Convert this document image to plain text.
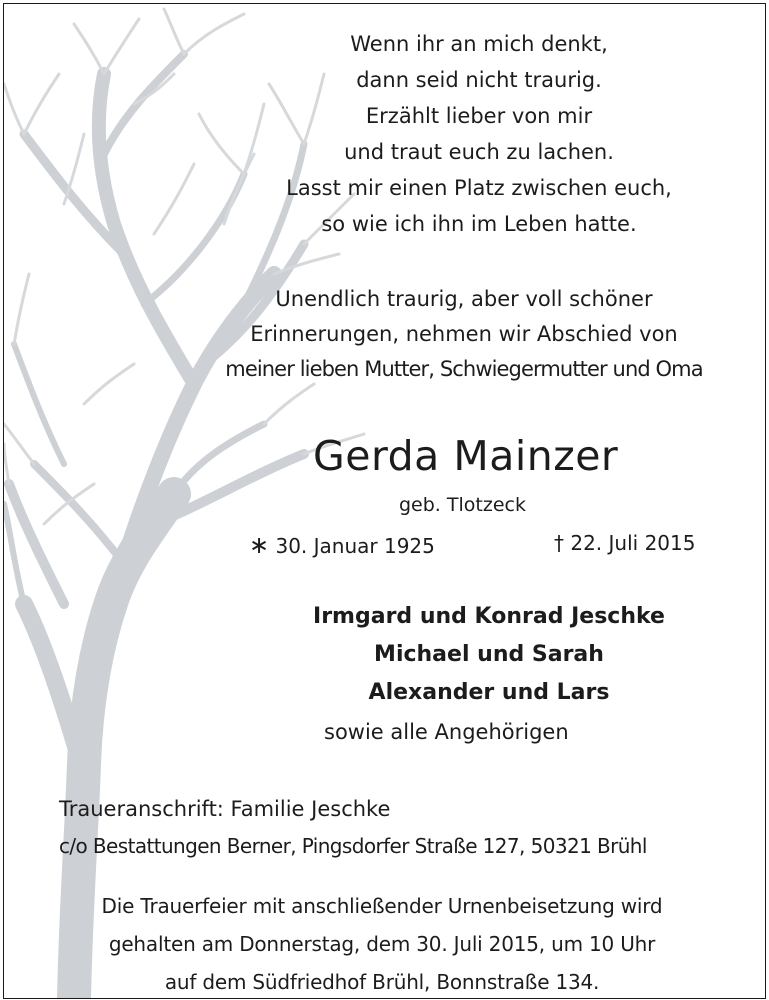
Wenn ihr an mich denkt,
dann seid nicht traurig.
Erzählt lieber von mir
und traut euch zu lachen.
Lasst mir einen Platz zwischen euch,
so wie ich ihn im Leben hatte.
Unendlich traurig, aber voll schöner
Erinnerungen, nehmen wir Abschied von
meiner lieben Mutter, Schwiegermutter und Oma
Gerda Mainzer
geb. Tlotzeck
∗ 30. Januar 1925	† 22. Juli 2015
Irmgard und Konrad Jeschke
Michael und Sarah
Alexander und Lars
sowie alle Angehörigen
Traueranschrift: Familie Jeschke
c/o Bestattungen Berner, Pingsdorfer Straße 127, 50321 Brühl
Die Trauerfeier mit anschließender Urnenbeisetzung wird
gehalten am Donnerstag, dem 30. Juli 2015, um 10 Uhr
auf dem Südfriedhof Brühl, Bonnstraße 134.
